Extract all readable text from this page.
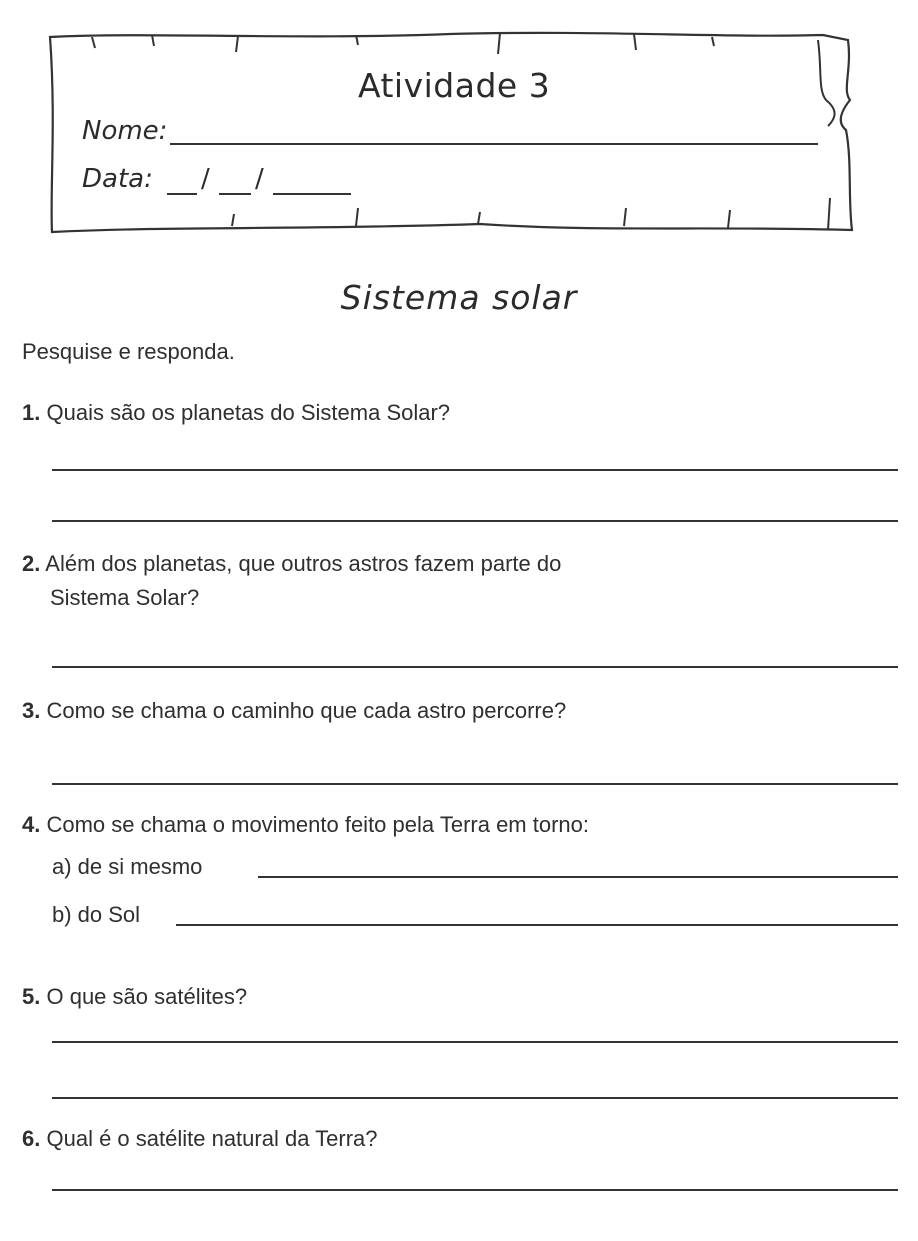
Atividade 3
Nome:
Data: / /
Sistema solar
Pesquise e responda.
1. Quais são os planetas do Sistema Solar?
2. Além dos planetas, que outros astros fazem parte do
Sistema Solar?
3. Como se chama o caminho que cada astro percorre?
4. Como se chama o movimento feito pela Terra em torno:
a) de si mesmo
b) do Sol
5. O que são satélites?
6. Qual é o satélite natural da Terra?
